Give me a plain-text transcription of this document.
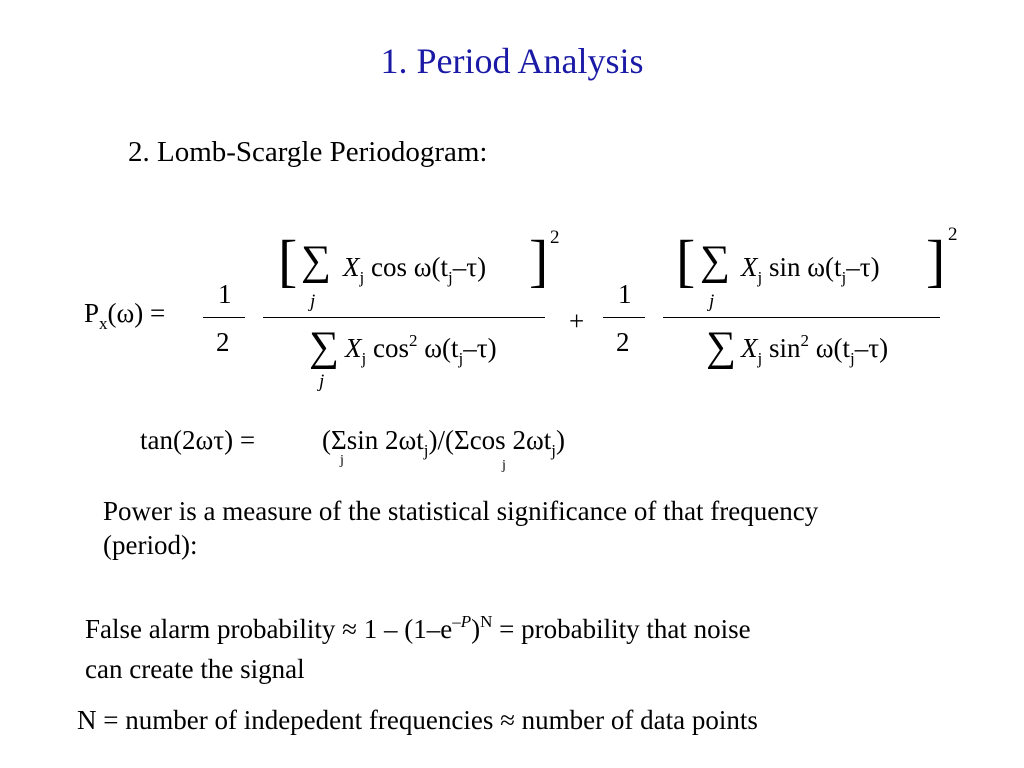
1. Period Analysis
2. Lomb-Scargle Periodogram:
$P_x(\omega)$ =
1
2
[ ∑
j
$X_j$ $\cos \omega(t_j-\tau)$ ] 2
∑
j
$X_j$ $\cos^2 \omega(t_j-\tau)$
+
1
2
[ ∑
j
$X_j$ $\sin \omega(t_j-\tau)$ ] 2
∑ $X_j$ $\sin^2 \omega(t_j-\tau)$
tan(2ωτ) = (Σsin $2\omega t_j)/(\Sigma\cos$ $2\omega t_j$)
j	j
Power is a measure of the statistical significance of that frequency (period):
False alarm probability ≈ $1 - (1-e^{-P})^N$ = probability that noise
can create the signal
N = number of indepedent frequencies ≈ number of data points
